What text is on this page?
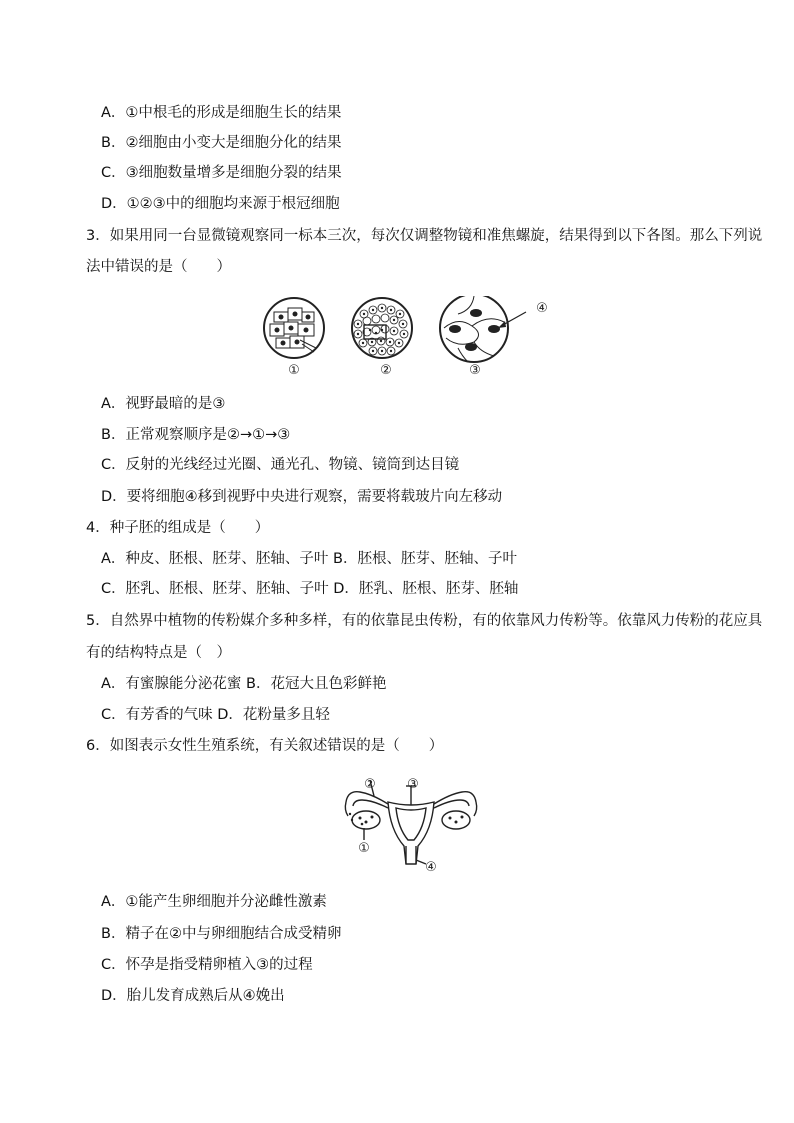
A．①中根毛的形成是细胞生长的结果
B．②细胞由小变大是细胞分化的结果
C．③细胞数量增多是细胞分裂的结果
D．①②③中的细胞均来源于根冠细胞
3．如果用同一台显微镜观察同一标本三次，每次仅调整物镜和准焦螺旋，结果得到以下各图。那么下列说
法中错误的是（　　）
①	②	③
④
A．视野最暗的是③
B．正常观察顺序是②→①→③
C．反射的光线经过光圈、通光孔、物镜、镜筒到达目镜
D．要将细胞④移到视野中央进行观察，需要将载玻片向左移动
4．种子胚的组成是（　　）
A．种皮、胚根、胚芽、胚轴、子叶 B．胚根、胚芽、胚轴、子叶
C．胚乳、胚根、胚芽、胚轴、子叶 D．胚乳、胚根、胚芽、胚轴
5．自然界中植物的传粉媒介多种多样，有的依靠昆虫传粉，有的依靠风力传粉等。依靠风力传粉的花应具
有的结构特点是（　）
A．有蜜腺能分泌花蜜 B．花冠大且色彩鲜艳
C．有芳香的气味 D．花粉量多且轻
6．如图表示女性生殖系统，有关叙述错误的是（　　）
② ③
①
④
A．①能产生卵细胞并分泌雌性激素
B．精子在②中与卵细胞结合成受精卵
C．怀孕是指受精卵植入③的过程
D．胎儿发育成熟后从④娩出
